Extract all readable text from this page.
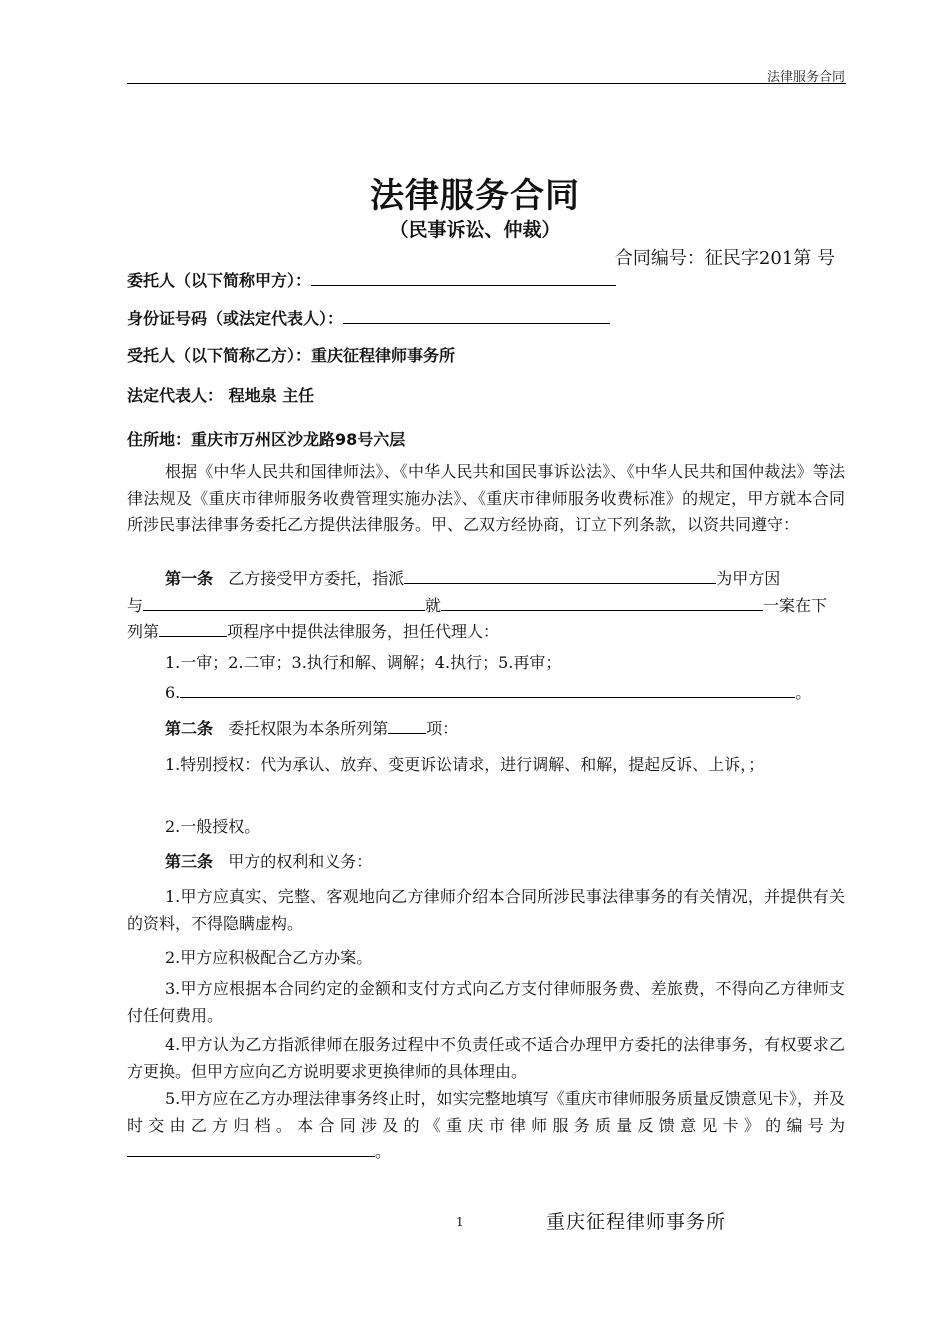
法律服务合同
法律服务合同
（民事诉讼、仲裁）
合同编号：征民字201第 号
委托人（以下简称甲方）：
身份证号码（或法定代表人）：
受托人（以下简称乙方）：重庆征程律师事务所
法定代表人： 程地泉 主任
住所地：重庆市万州区沙龙路98号六层
根据《中华人民共和国律师法》、《中华人民共和国民事诉讼法》、《中华人民共和国仲裁法》等法律法规及《重庆市律师服务收费管理实施办法》、《重庆市律师服务收费标准》的规定，甲方就本合同所涉民事法律事务委托乙方提供法律服务。甲、乙双方经协商，订立下列条款，以资共同遵守：
第一条 乙方接受甲方委托，指派	为甲方因
与	就	一案在下
列第	项程序中提供法律服务，担任代理人：
1.一审；2.二审；3.执行和解、调解；4.执行；5.再审；
6.	。
第二条 委托权限为本条所列第 项：
1.特别授权：代为承认、放弃、变更诉讼请求，进行调解、和解，提起反诉、上诉，；
2.一般授权。
第三条 甲方的权利和义务：
1.甲方应真实、完整、客观地向乙方律师介绍本合同所涉民事法律事务的有关情况，并提供有关的资料，不得隐瞒虚构。
2.甲方应积极配合乙方办案。
3.甲方应根据本合同约定的金额和支付方式向乙方支付律师服务费、差旅费，不得向乙方律师支付任何费用。
4.甲方认为乙方指派律师在服务过程中不负责任或不适合办理甲方委托的法律事务，有权要求乙方更换。但甲方应向乙方说明要求更换律师的具体理由。
5.甲方应在乙方办理法律事务终止时，如实完整地填写《重庆市律师服务质量反馈意见卡》，并及时交由乙方归档。本合同涉及的《重庆市律师服务质量反馈意见卡》的编号为。
1	重庆征程律师事务所
